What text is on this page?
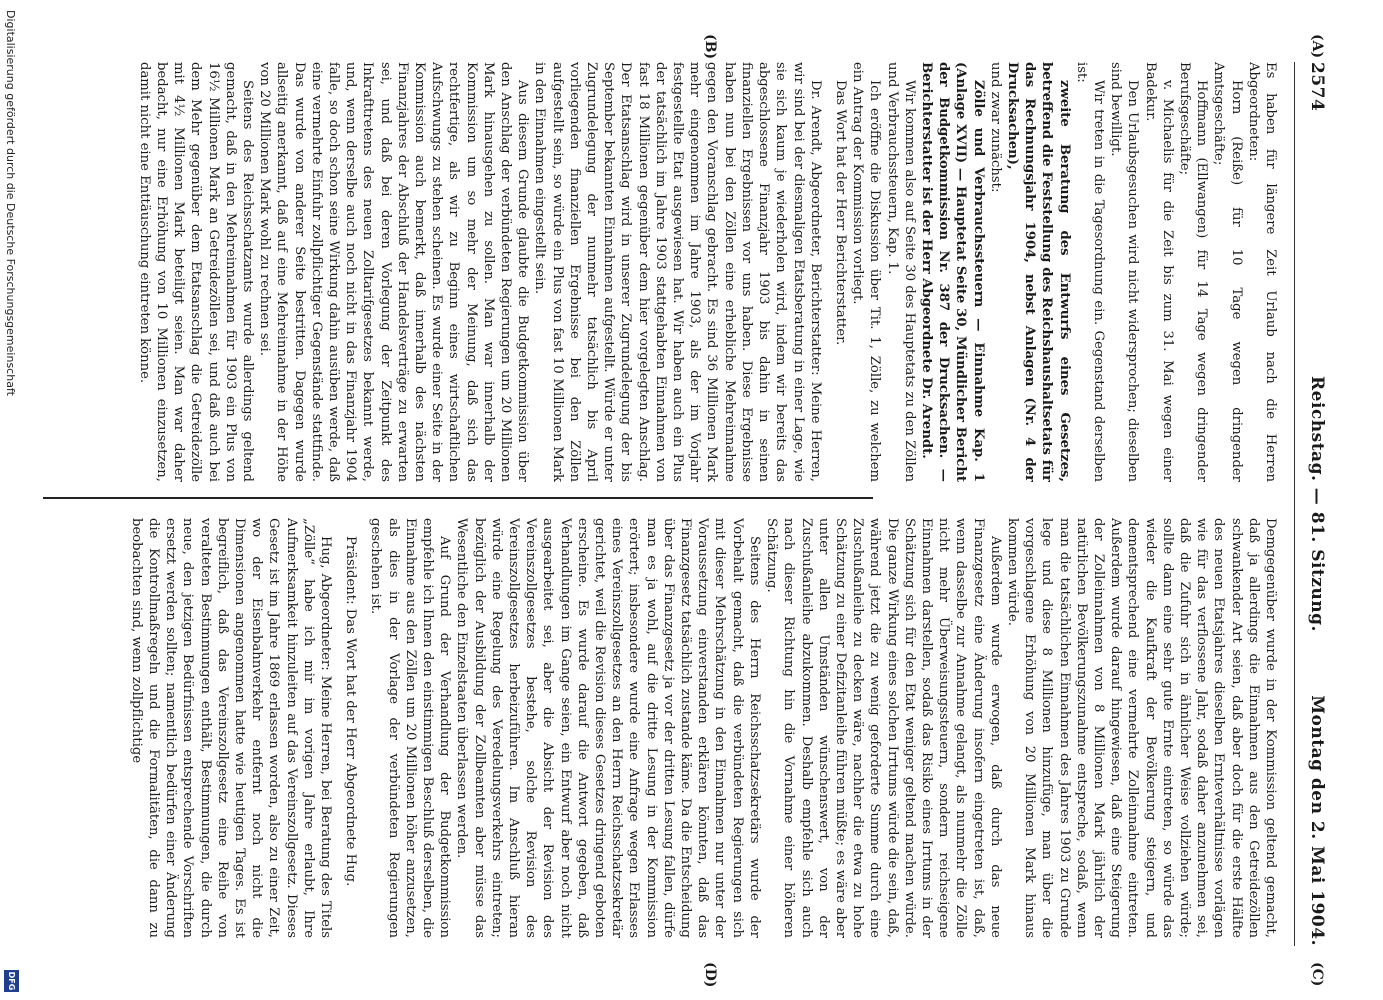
2574
Reichstag. — 81. Sitzung.
Montag den 2. Mai 1904.
(A)
(B)
(C)
(D)

Es haben für längere Zeit Urlaub nach die Herren Abgeordneten:

Horn (Reiße) für 10 Tage wegen dringender Amtsgeschäfte;

Hoffmann (Ellwangen) für 14 Tage wegen dringender Berufsgeschäfte;

v. Michaelis für die Zeit bis zum 31. Mai wegen einer Badekur.

Den Urlaubsgesuchen wird nicht widersprochen; dieselben sind bewilligt.

Wir treten in die Tagesordnung ein. Gegenstand derselben ist:

zweite Beratung des Entwurfs eines Gesetzes, betreffend die Feststellung des Reichshaushaltsetats für das Rechnungsjahr 1904, nebst Anlagen (Nr. 4 der Drucksachen),

und zwar zunächst:

Zölle und Verbrauchssteuern — Einnahme Kap. 1 (Anlage XVII) — Hauptetat Seite 30, Mündlicher Bericht der Budgetkommission Nr. 387 der Drucksachen. — Berichterstatter ist der Herr Abgeordnete Dr. Arendt.

Wir kommen also auf Seite 30 des Hauptetats zu den Zöllen und Verbrauchssteuern, Kap. 1.

Ich eröffne die Diskussion über Tit. 1, Zölle, zu welchem ein Antrag der Kommission vorliegt.

Das Wort hat der Herr Berichterstatter.

Dr. Arendt, Abgeordneter, Berichterstatter: Meine Herren, wir sind bei der diesmaligen Etatsberatung in einer Lage, wie sie sich kaum je wiederholen wird, indem wir bereits das abgeschlossene Finanzjahr 1903 bis dahin in seinen finanziellen Ergebnissen vor uns haben. Diese Ergebnisse haben nun bei den Zöllen eine erhebliche Mehreinnahme gegen den Voranschlag gebracht. Es sind 36 Millionen Mark mehr eingenommen im Jahre 1903, als der im Vorjahr festgestellte Etat ausgewiesen hat. Wir haben auch ein Plus der tatsächlich im Jahre 1903 stattgehabten Einnahmen von fast 18 Millionen gegenüber dem hier vorgelegten Anschlag. Der Etatsanschlag wird in unserer Zugrundelegung der bis September bekannten Einnahmen aufgestellt. Würde er unter Zugrundelegung der nunmehr tatsächlich bis April vorliegenden finanziellen Ergebnisse bei den Zöllen aufgestellt sein, so würde ein Plus von fast 10 Millionen Mark in den Einnahmen eingestellt sein.

Aus diesem Grunde glaubte die Budgetkommission über den Anschlag der verbündeten Regierungen um 20 Millionen Mark hinausgehen zu sollen. Man war innerhalb der Kommission um so mehr der Meinung, daß sich das rechtfertige, als wir zu Beginn eines wirtschaftlichen Aufschwungs zu stehen scheinen. Es wurde einer Seite in der Kommission auch bemerkt, daß innerhalb des nächsten Finanzjahres der Abschluß der Handelsverträge zu erwarten sei, und daß bei deren Vorlegung der Zeitpunkt des Inkrafttretens des neuen Zolltarifgesetzes bekannt werde, und, wenn derselbe auch noch nicht in das Finanzjahr 1904 falle, so doch schon seine Wirkung dahin ausüben werde, daß eine vermehrte Einfuhr zollpflichtiger Gegenstände stattfinde. Das wurde von anderer Seite bestritten. Dagegen wurde allseitig anerkannt, daß auf eine Mehreinnahme in der Höhe von 20 Millionen Mark wohl zu rechnen sei.

Seitens des Reichsschatzamts wurde allerdings geltend gemacht, daß in den Mehreinnahmen für 1903 ein Plus von 16½ Millionen Mark an Getreidezöllen sei, und daß auch bei dem Mehr gegenüber dem Etatsanschlag die Getreidezölle mit 4½ Millionen Mark beteiligt seien. Man war daher bedacht, nur eine Erhöhung von 10 Millionen einzusetzen, damit nicht eine Enttäuschung eintreten könne.

Demgegenüber wurde in der Kommission geltend gemacht, daß ja allerdings die Einnahmen aus den Getreidezöllen schwankender Art seien, daß aber doch für die erste Hälfte des neuen Etatsjahres dieselben Ernteverhältnisse vorlägen wie für das verflossene Jahr, sodaß daher anzunehmen sei, daß die Zufuhr sich in ähnlicher Weise vollziehen würde; sollte dann eine sehr gute Ernte eintreten, so würde das wieder die Kaufkraft der Bevölkerung steigern, und dementsprechend eine vermehrte Zolleinnahme eintreten. Außerdem wurde darauf hingewiesen, daß eine Steigerung der Zolleinnahmen von 8 Millionen Mark jährlich der natürlichen Bevölkerungszunahme entspreche, sodaß, wenn man die tatsächlichen Einnahmen des Jahres 1903 zu Grunde lege und diese 8 Millionen hinzufüge, man über die vorgeschlagene Erhöhung von 20 Millionen Mark hinaus kommen würde.

Außerdem wurde erwogen, daß durch das neue Finanzgesetz eine Änderung insofern eingetreten ist, daß, wenn dasselbe zur Annahme gelangt, als nunmehr die Zölle nicht mehr Überweisungssteuern, sondern reichseigene Einnahmen darstellen, sodaß das Risiko eines Irrtums in der Schätzung sich für den Etat weniger geltend machen würde. Die ganze Wirkung eines solchen Irrtums würde die sein, daß, während jetzt die zu wenig geforderte Summe durch eine Zuschußanleihe zu decken wäre, nachher die etwa zu hohe Schätzung zu einer Defizitanleihe führen müßte; es wäre aber unter allen Umständen wünschenswert, von der Zuschußanleihe abzukommen. Deshalb empfehle sich auch nach dieser Richtung hin die Vornahme einer höheren Schätzung.

Seitens des Herrn Reichsschatzsekretärs wurde der Vorbehalt gemacht, daß die verbündeten Regierungen sich mit dieser Mehrschätzung in den Einnahmen nur unter der Voraussetzung einverstanden erklären könnten, daß das Finanzgesetz tatsächlich zustande käme. Da die Entscheidung über das Finanzgesetz ja vor der dritten Lesung fallen, dürfe man es ja wohl, auf die dritte Lesung in der Kommission erörtert; insbesondere wurde eine Anfrage wegen Erlasses eines Vereinszollgesetzes an den Herrn Reichsschatzsekretär gerichtet, weil die Revision dieses Gesetzes dringend geboten erscheine. Es wurde darauf die Antwort gegeben, daß Verhandlungen im Gange seien, ein Entwurf aber noch nicht ausgearbeitet sei, aber die Absicht der Revision des Vereinszollgesetzes bestehe, solche Revision des Vereinszollgesetzes herbeizuführen. Im Anschluß hieran würde eine Regelung des Veredelungsverkehrs eintreten; bezüglich der Ausbildung der Zollbeamten aber müsse das Wesentliche den Einzelstaaten überlassen werden.

Auf Grund der Verhandlung der Budgetkommission empfehle ich Ihnen den einstimmigen Beschluß derselben, die Einnahme aus den Zöllen um 20 Millionen höher anzusetzen, als dies in der Vorlage der verbündeten Regierungen geschehen ist.

Präsident: Das Wort hat der Herr Abgeordnete Hug.

Hug, Abgeordneter: Meine Herren, bei Beratung des Titels „Zölle“ habe ich mir im vorigen Jahre erlaubt, Ihre Aufmerksamkeit hinzuleiten auf das Vereinszollgesetz. Dieses Gesetz ist im Jahre 1869 erlassen worden, also zu einer Zeit, wo der Eisenbahnverkehr entfernt noch nicht die Dimensionen angenommen hatte wie heutigen Tages. Es ist begreiflich, daß das Vereinszollgesetz eine Reihe von veralteten Bestimmungen enthält, Bestimmungen, die durch neue, den jetzigen Bedürfnissen entsprechende Vorschriften ersetzt werden sollten; namentlich bedürfen einer Änderung die Kontrollmaßregeln und die Formalitäten, die dann zu beobachten sind, wenn zollpflichtige

Digitalisierung gefördert durch die Deutsche Forschungsgemeinschaft
DFG
